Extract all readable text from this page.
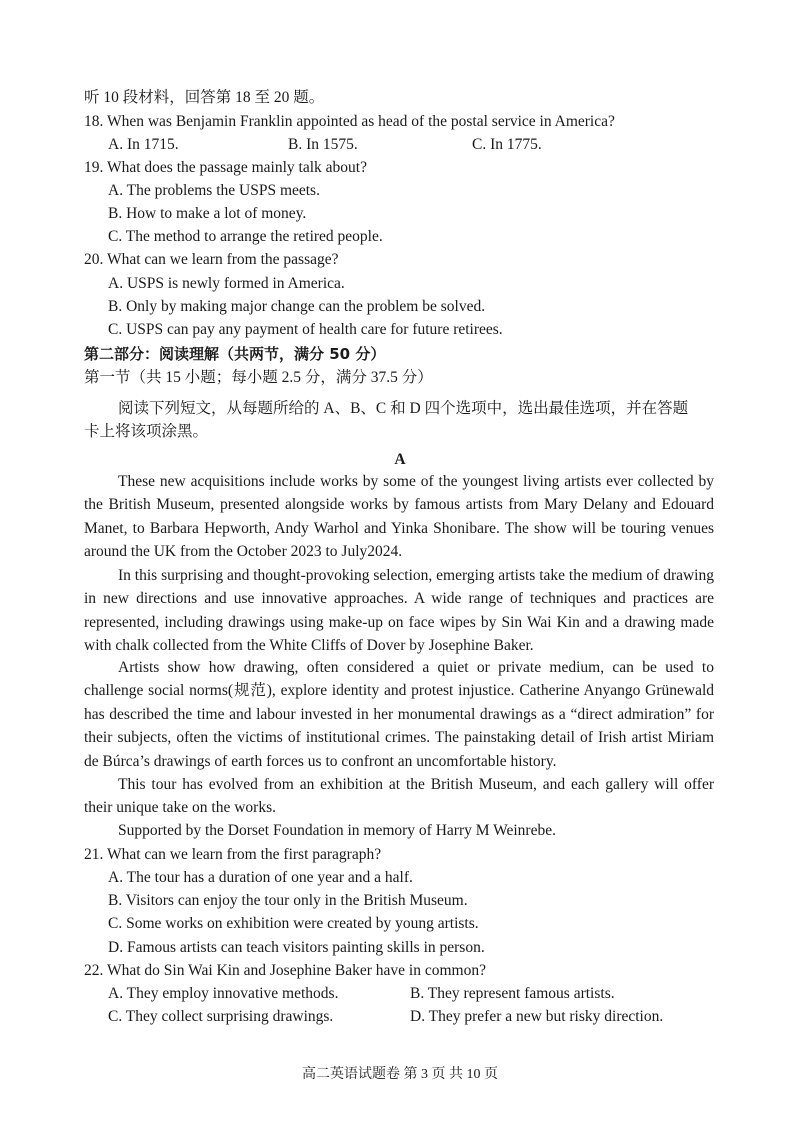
听 10 段材料，回答第 18 至 20 题。
18. When was Benjamin Franklin appointed as head of the postal service in America?
A. In 1715.	B. In 1575.	C. In 1775.
19. What does the passage mainly talk about?
A. The problems the USPS meets.
B. How to make a lot of money.
C. The method to arrange the retired people.
20. What can we learn from the passage?
A. USPS is newly formed in America.
B. Only by making major change can the problem be solved.
C. USPS can pay any payment of health care for future retirees.
第二部分：阅读理解（共两节，满分 50 分）
第一节（共 15 小题；每小题 2.5 分，满分 37.5 分）
阅读下列短文，从每题所给的 A、B、C 和 D 四个选项中，选出最佳选项，并在答题
卡上将该项涂黑。
A
These new acquisitions include works by some of the youngest living artists ever collected by the British Museum, presented alongside works by famous artists from Mary Delany and Edouard Manet, to Barbara Hepworth, Andy Warhol and Yinka Shonibare. The show will be touring venues around the UK from the October 2023 to July2024.
In this surprising and thought-provoking selection, emerging artists take the medium of drawing in new directions and use innovative approaches. A wide range of techniques and practices are represented, including drawings using make-up on face wipes by Sin Wai Kin and a drawing made with chalk collected from the White Cliffs of Dover by Josephine Baker.
Artists show how drawing, often considered a quiet or private medium, can be used to challenge social norms(规范), explore identity and protest injustice. Catherine Anyango Grünewald has described the time and labour invested in her monumental drawings as a “direct admiration” for their subjects, often the victims of institutional crimes. The painstaking detail of Irish artist Miriam de Búrca’s drawings of earth forces us to confront an uncomfortable history.
This tour has evolved from an exhibition at the British Museum, and each gallery will offer their unique take on the works.
Supported by the Dorset Foundation in memory of Harry M Weinrebe.
21. What can we learn from the first paragraph?
A. The tour has a duration of one year and a half.
B. Visitors can enjoy the tour only in the British Museum.
C. Some works on exhibition were created by young artists.
D. Famous artists can teach visitors painting skills in person.
22. What do Sin Wai Kin and Josephine Baker have in common?
A. They employ innovative methods.	B. They represent famous artists.
C. They collect surprising drawings.	D. They prefer a new but risky direction.
高二英语试题卷 第 3 页 共 10 页
